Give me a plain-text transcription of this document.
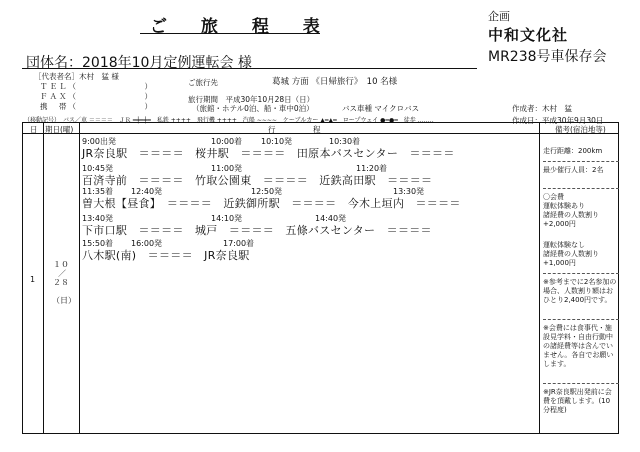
ご 旅 程 表
企画
中和文化社
MR238号車保存会
団体名：2018年10月定例運転会 様
［代表者名］木村　猛 様
ＴＥＬ（　　　　　　　）
ＦＡＸ（　　　　　　　）
携　帯（　　　　　　　）
ご旅行先	葛城 方面 《日帰旅行》　10 名様
旅行期間　平成30年10月28日（日）
（旅館・ホテル0泊、船・車中0泊）	バス車種 マイクロバス	作成者：木村　猛
（移動記号）　バス／車 ＝＝＝＝　ＪＲ ━┿━┿━　私鉄 ++++　飛行機 ++++　汽船 ∼∼∼∼　ケーブルカー ▲━▲━　ロープウェイ ●━●━　徒歩 ‥‥‥‥	作成日：平成30年9月30日
日 期日(曜)	行　　　　　程	備考(宿泊地等)
1
１０
／
２８
（日）
9:00出発	10:00着 10:10発	10:30着
JR奈良駅　＝＝＝＝　桜井駅　＝＝＝＝　田原本バスセンター　＝＝＝＝
10:45発	11:00発	11:20着
百済寺前　＝＝＝＝　竹取公園東　＝＝＝＝　近鉄高田駅　＝＝＝＝
11:35着 12:40発	12:50発	13:30発
曽大根【昼食】　＝＝＝＝　近鉄御所駅　＝＝＝＝　今木上垣内　＝＝＝＝
13:40発	14:10発	14:40発
下市口駅　＝＝＝＝　城戸　＝＝＝＝　五條バスセンター　＝＝＝＝
15:50着 16:00発	17:00着
八木駅(南)　＝＝＝＝　JR奈良駅
走行距離：200km
最少催行人員：2名
〇会費
運転体験あり
諸経費の人数割り
+2,000円
運転体験なし
諸経費の人数割り
+1,000円
※参考までに2名参加の場合、人数割り額はおひとり2,400円です。
※会費には食事代・施設見学料・自由行動中の諸経費等は含んでいません。各自でお願いします。
※JR奈良駅出発前に会費を頂戴します。(10分程度)
